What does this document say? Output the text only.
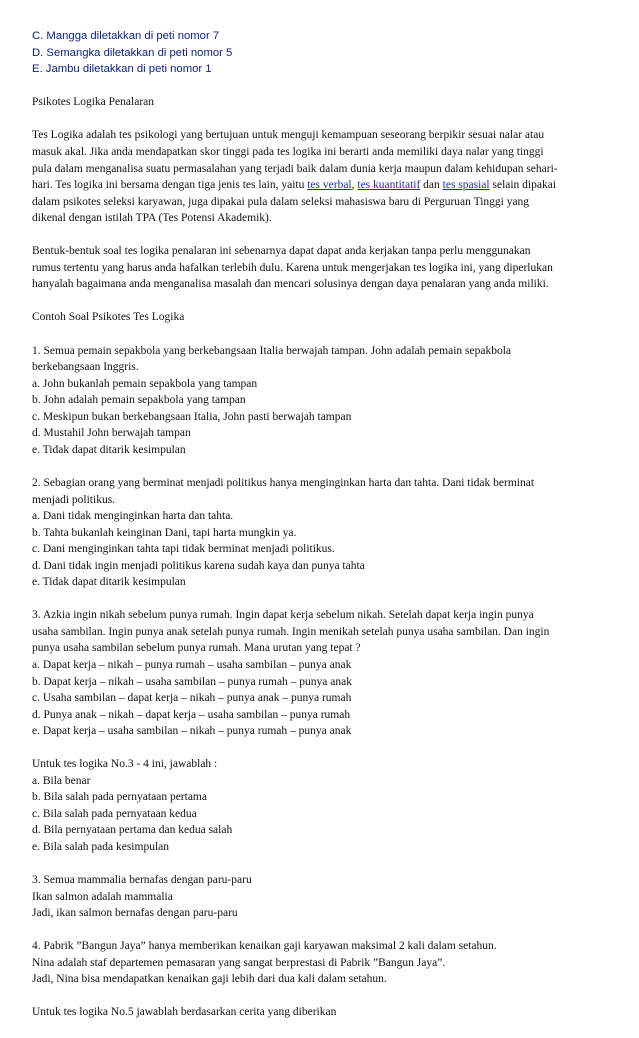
C. Mangga diletakkan di peti nomor 7
D. Semangka diletakkan di peti nomor 5
E. Jambu diletakkan di peti nomor 1
Psikotes Logika Penalaran
Tes Logika adalah tes psikologi yang bertujuan untuk menguji kemampuan seseorang berpikir sesuai nalar atau
masuk akal. Jika anda mendapatkan skor tinggi pada tes logika ini berarti anda memiliki daya nalar yang tinggi
pula dalam menganalisa suatu permasalahan yang terjadi baik dalam dunia kerja maupun dalam kehidupan sehari-
hari. Tes logika ini bersama dengan tiga jenis tes lain, yaitu tes verbal, tes kuantitatif dan tes spasial selain dipakai
dalam psikotes seleksi karyawan, juga dipakai pula dalam seleksi mahasiswa baru di Perguruan Tinggi yang
dikenal dengan istilah TPA (Tes Potensi Akademik).
Bentuk-bentuk soal tes logika penalaran ini sebenarnya dapat dapat anda kerjakan tanpa perlu menggunakan
rumus tertentu yang harus anda hafalkan terlebih dulu. Karena untuk mengerjakan tes logika ini, yang diperlukan
hanyalah bagaimana anda menganalisa masalah dan mencari solusinya dengan daya penalaran yang anda miliki.
Contoh Soal Psikotes Tes Logika
1. Semua pemain sepakbola yang berkebangsaan Italia berwajah tampan. John adalah pemain sepakbola
berkebangsaan Inggris.
a. John bukanlah pemain sepakbola yang tampan
b. John adalah pemain sepakbola yang tampan
c. Meskipun bukan berkebangsaan Italia, John pasti berwajah tampan
d. Mustahil John berwajah tampan
e. Tidak dapat ditarik kesimpulan
2. Sebagian orang yang berminat menjadi politikus hanya menginginkan harta dan tahta. Dani tidak berminat
menjadi politikus.
a. Dani tidak menginginkan harta dan tahta.
b. Tahta bukanlah keinginan Dani, tapi harta mungkin ya.
c. Dani menginginkan tahta tapi tidak berminat menjadi politikus.
d. Dani tidak ingin menjadi politikus karena sudah kaya dan punya tahta
e. Tidak dapat ditarik kesimpulan
3. Azkia ingin nikah sebelum punya rumah. Ingin dapat kerja sebelum nikah. Setelah dapat kerja ingin punya
usaha sambilan. Ingin punya anak setelah punya rumah. Ingin menikah setelah punya usaha sambilan. Dan ingin
punya usaha sambilan sebelum punya rumah. Mana urutan yang tepat ?
a. Dapat kerja – nikah – punya rumah – usaha sambilan – punya anak
b. Dapat kerja – nikah – usaha sambilan – punya rumah – punya anak
c. Usaha sambilan – dapat kerja – nikah – punya anak – punya rumah
d. Punya anak – nikah – dapat kerja – usaha sambilan – punya rumah
e. Dapat kerja – usaha sambilan – nikah – punya rumah – punya anak
Untuk tes logika No.3 - 4 ini, jawablah :
a. Bila benar
b. Bila salah pada pernyataan pertama
c. Bila salah pada pernyataan kedua
d. Bila pernyataan pertama dan kedua salah
e. Bila salah pada kesimpulan
3. Semua mammalia bernafas dengan paru-paru
Ikan salmon adalah mammalia
Jadi, ikan salmon bernafas dengan paru-paru
4. Pabrik ”Bangun Jaya” hanya memberikan kenaikan gaji karyawan maksimal 2 kali dalam setahun.
Nina adalah staf departemen pemasaran yang sangat berprestasi di Pabrik ”Bangun Jaya”.
Jadi, Nina bisa mendapatkan kenaikan gaji lebih dari dua kali dalam setahun.
Untuk tes logika No.5 jawablah berdasarkan cerita yang diberikan
